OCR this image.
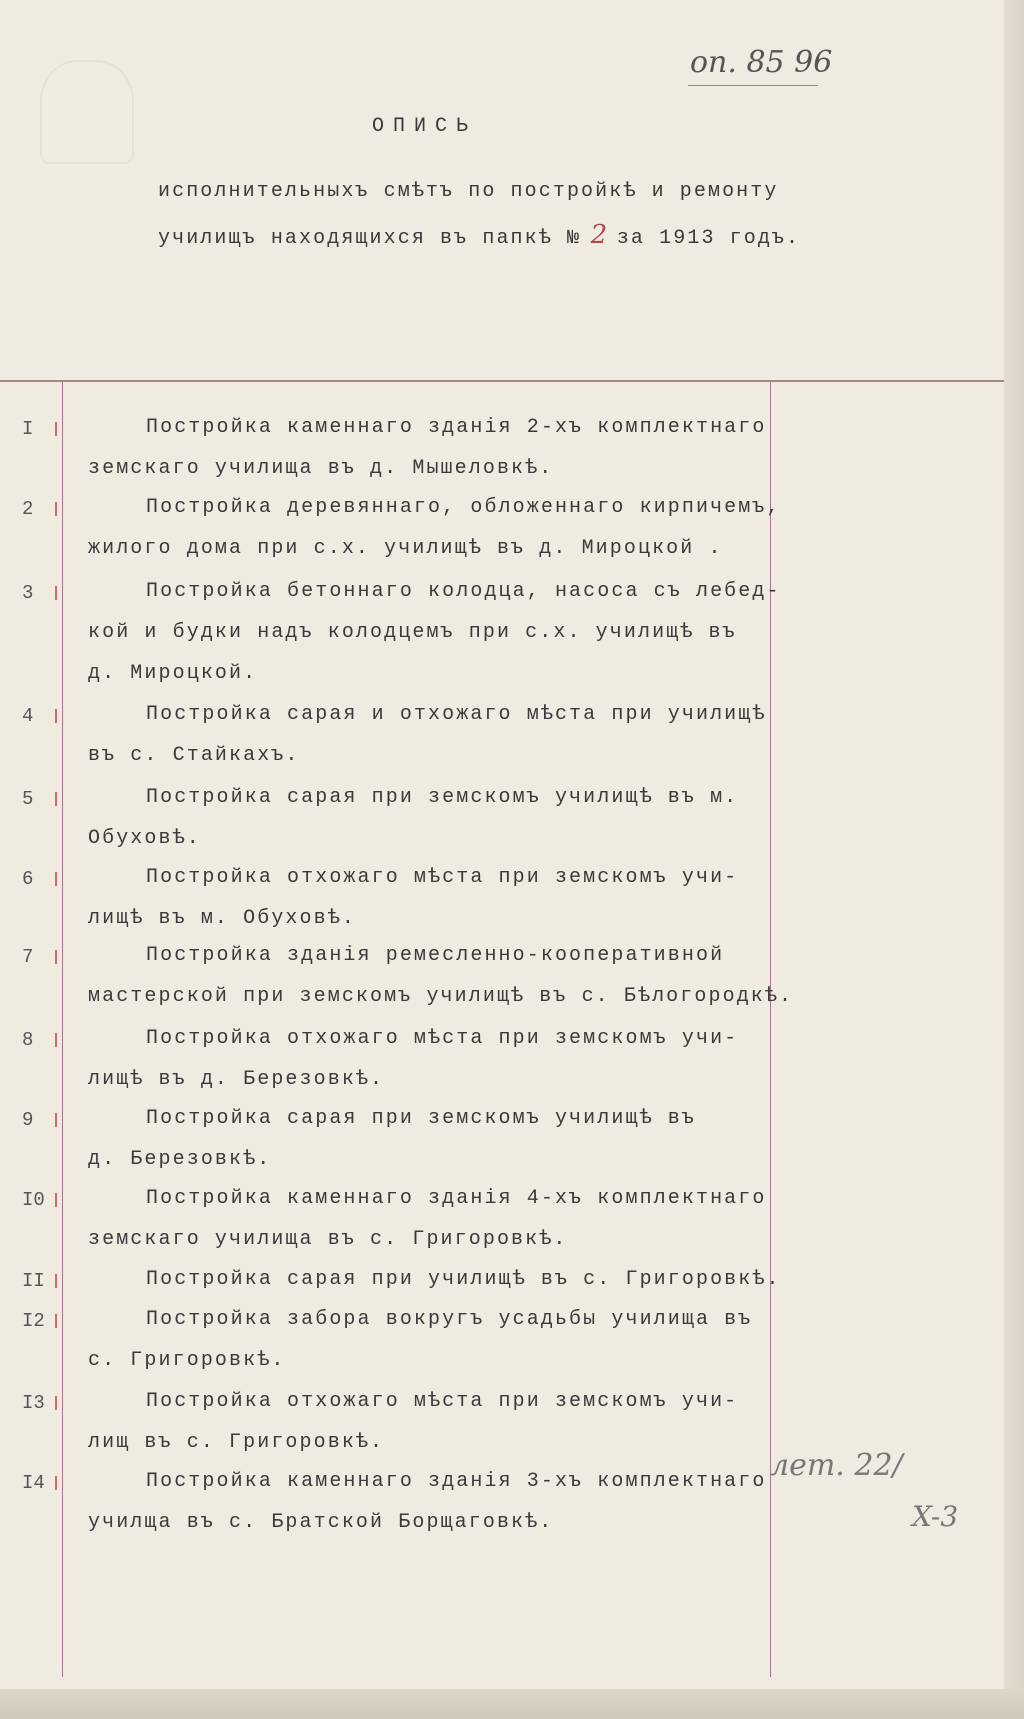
оп. 85 96
ОПИСЬ
исполнительныхъ смѣтъ по постройкѣ и ремонту
училищъ находящихся въ папкѣ № 2 за 1913 годъ.
I	Постройка каменнаго зданія 2-хъ комплектнаго
земскаго училища въ д. Мышеловкѣ.
2	Постройка деревяннаго, обложеннаго кирпичемъ,
жилого дома при с.х. училищѣ въ д. Мироцкой .
3	Постройка бетоннаго колодца, насоса съ лебед-
кой и будки надъ колодцемъ при с.х. училищѣ въ
д. Мироцкой.
4	Постройка сарая и отхожаго мѣста при училищѣ
въ с. Стайкахъ.
5	Постройка сарая при земскомъ училищѣ въ м.
Обуховѣ.
6	Постройка отхожаго мѣста при земскомъ учи-
лищѣ въ м. Обуховѣ.
7	Постройка зданія ремесленно-кооперативной
мастерской при земскомъ училищѣ въ с. Бѣлогородкѣ.
8	Постройка отхожаго мѣста при земскомъ учи-
лищѣ въ д. Березовкѣ.
9	Постройка сарая при земскомъ училищѣ въ
д. Березовкѣ.
I0	Постройка каменнаго зданія 4-хъ комплектнаго
земскаго училища въ с. Григоровкѣ.
II	Постройка сарая при училищѣ въ с. Григоровкѣ.
I2	Постройка забора вокругъ усадьбы училища въ
с. Григоровкѣ.
I3	Постройка отхожаго мѣста при земскомъ учи-
лищ въ с. Григоровкѣ.
I4	Постройка каменнаго зданія 3-хъ комплектнаго
училща въ с. Братской Борщаговкѣ.
лет. 22/
X-3
